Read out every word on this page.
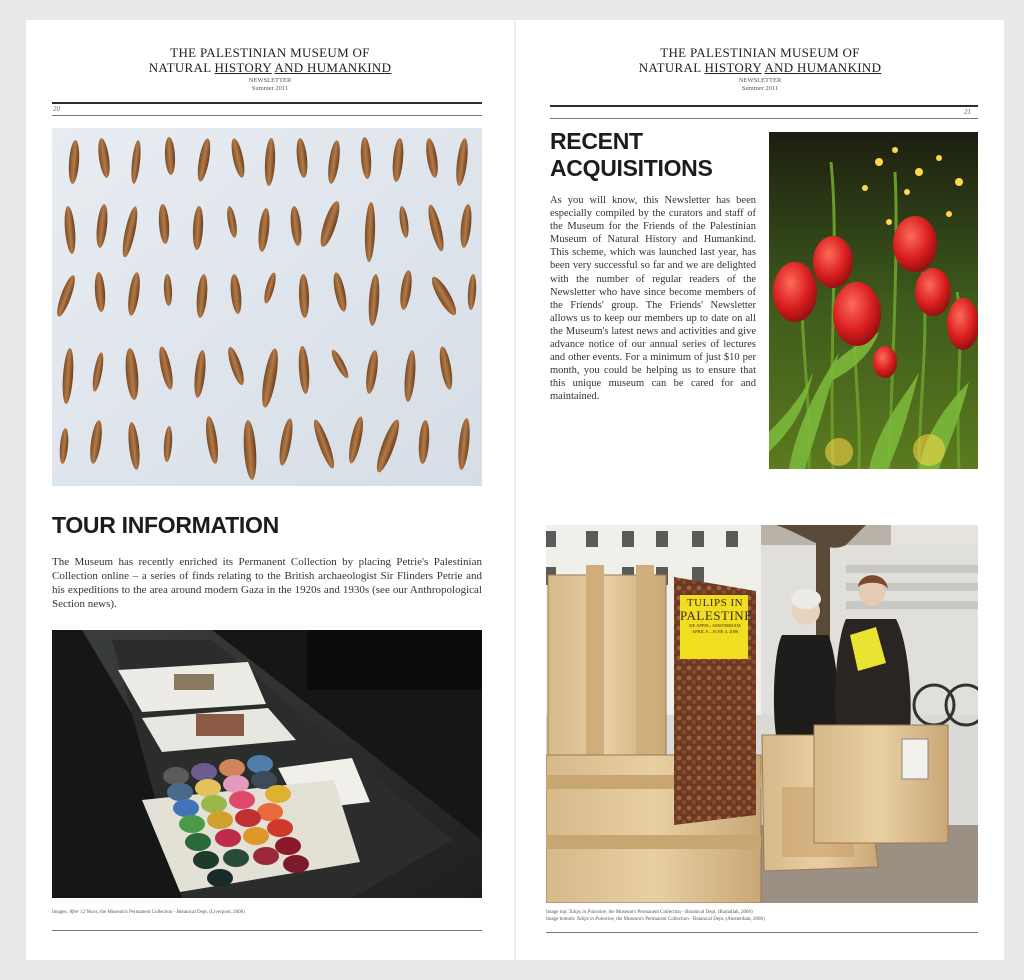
THE PALESTINIAN MUSEUM OF
NATURAL HISTORY AND HUMANKIND
NEWSLETTER
Summer 2011
20
TOUR INFORMATION
The Museum has recently enriched its Permanent Collection by placing Petrie's Palestinian Collection online – a series of finds relating to the British archaeologist Sir Flinders Petrie and his expeditions to the area around modern Gaza in the 1920s and 1930s (see our Anthropological Section news).
Images: After 12 Years, the Museum's Permanent Collection - Botanical Dept. (Liverpool, 2008)
THE PALESTINIAN MUSEUM OF
NATURAL HISTORY AND HUMANKIND
NEWSLETTER
Summer 2011
21
RECENT
ACQUISITIONS
As you will know, this Newsletter has been especially compiled by the curators and staff of the Museum for the Friends of the Palestinian Museum of Natural History and Humankind. This scheme, which was launched last year, has been very successful so far and we are delighted with the number of regular readers of the Newsletter who have since become members of the Friends' group. The Friends' Newsletter allows us to keep our members up to date on all the Museum's latest news and activities and give advance notice of our annual series of lectures and other events. For a minimum of just $10 per month, you could be helping us to ensure that this unique museum can be cared for and maintained.
TULIPS IN
PALESTINE
DE APPEL, AMSTERDAM
APRIL 8 – JUNE 4, 2006
Image top: Tulips in Palestine, the Museum's Permanent Collection - Botanical Dept. (Ramallah, 2006)
Image bottom: Tulips in Palestine, the Museum's Permanent Collection - Botanical Dept. (Amsterdam, 2006)
